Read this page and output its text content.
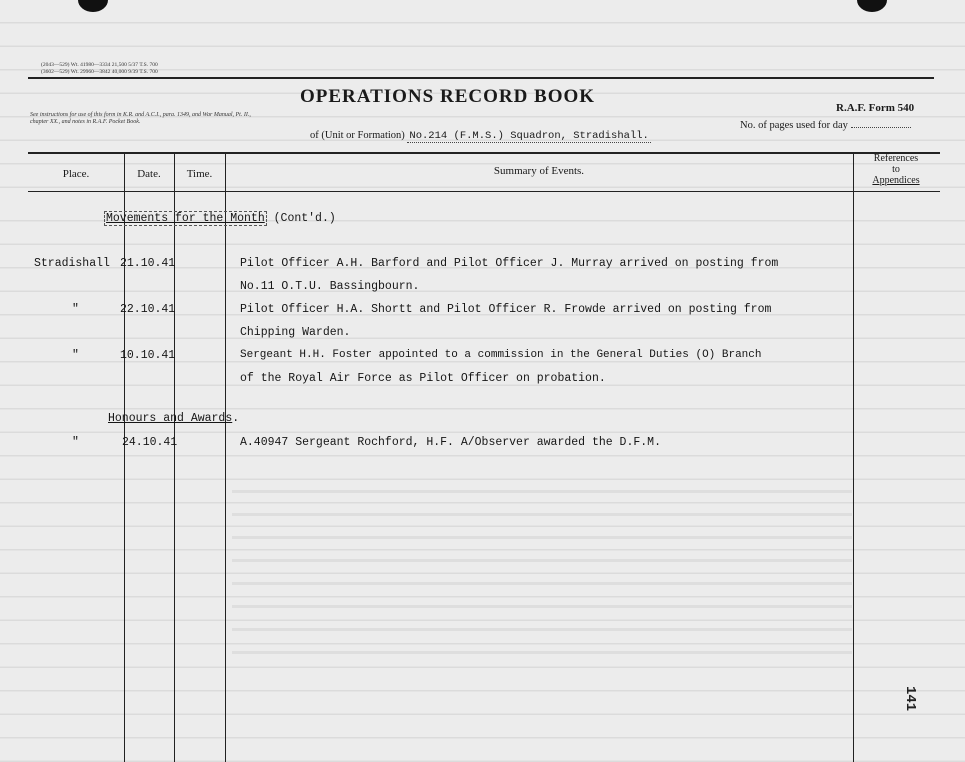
(2043—529) Wt. 41980—3334 21,500 5/37 T.S. 700
(3602—529) Wt. 29960—3842 40,000 9/39 T.S. 700
See instructions for use of this form in K.R. and A.C.I., para. 1349, and War Manual, Pt. II., chapter XX., and notes in R.A.F. Pocket Book.
OPERATIONS RECORD BOOK
R.A.F. Form 540
of (Unit or Formation) No.214 (F.M.S.) Squadron, Stradishall.
No. of pages used for day
Place.	Date.	Time.	Summary of Events.
References
to
Appendices
Movements for the Month (Cont'd.)
Stradishall 21.10.41	Pilot Officer A.H. Barford and Pilot Officer J. Murray arrived on posting from
No.11 O.T.U. Bassingbourn.
"	22.10.41	Pilot Officer H.A. Shortt and Pilot Officer R. Frowde arrived on posting from
Chipping Warden.
"	10.10.41	Sergeant H.H. Foster appointed to a commission in the General Duties (O) Branch
of the Royal Air Force as Pilot Officer on probation.
Honours and Awards.
"	24.10.41	A.40947 Sergeant Rochford, H.F. A/Observer awarded the D.F.M.
141
